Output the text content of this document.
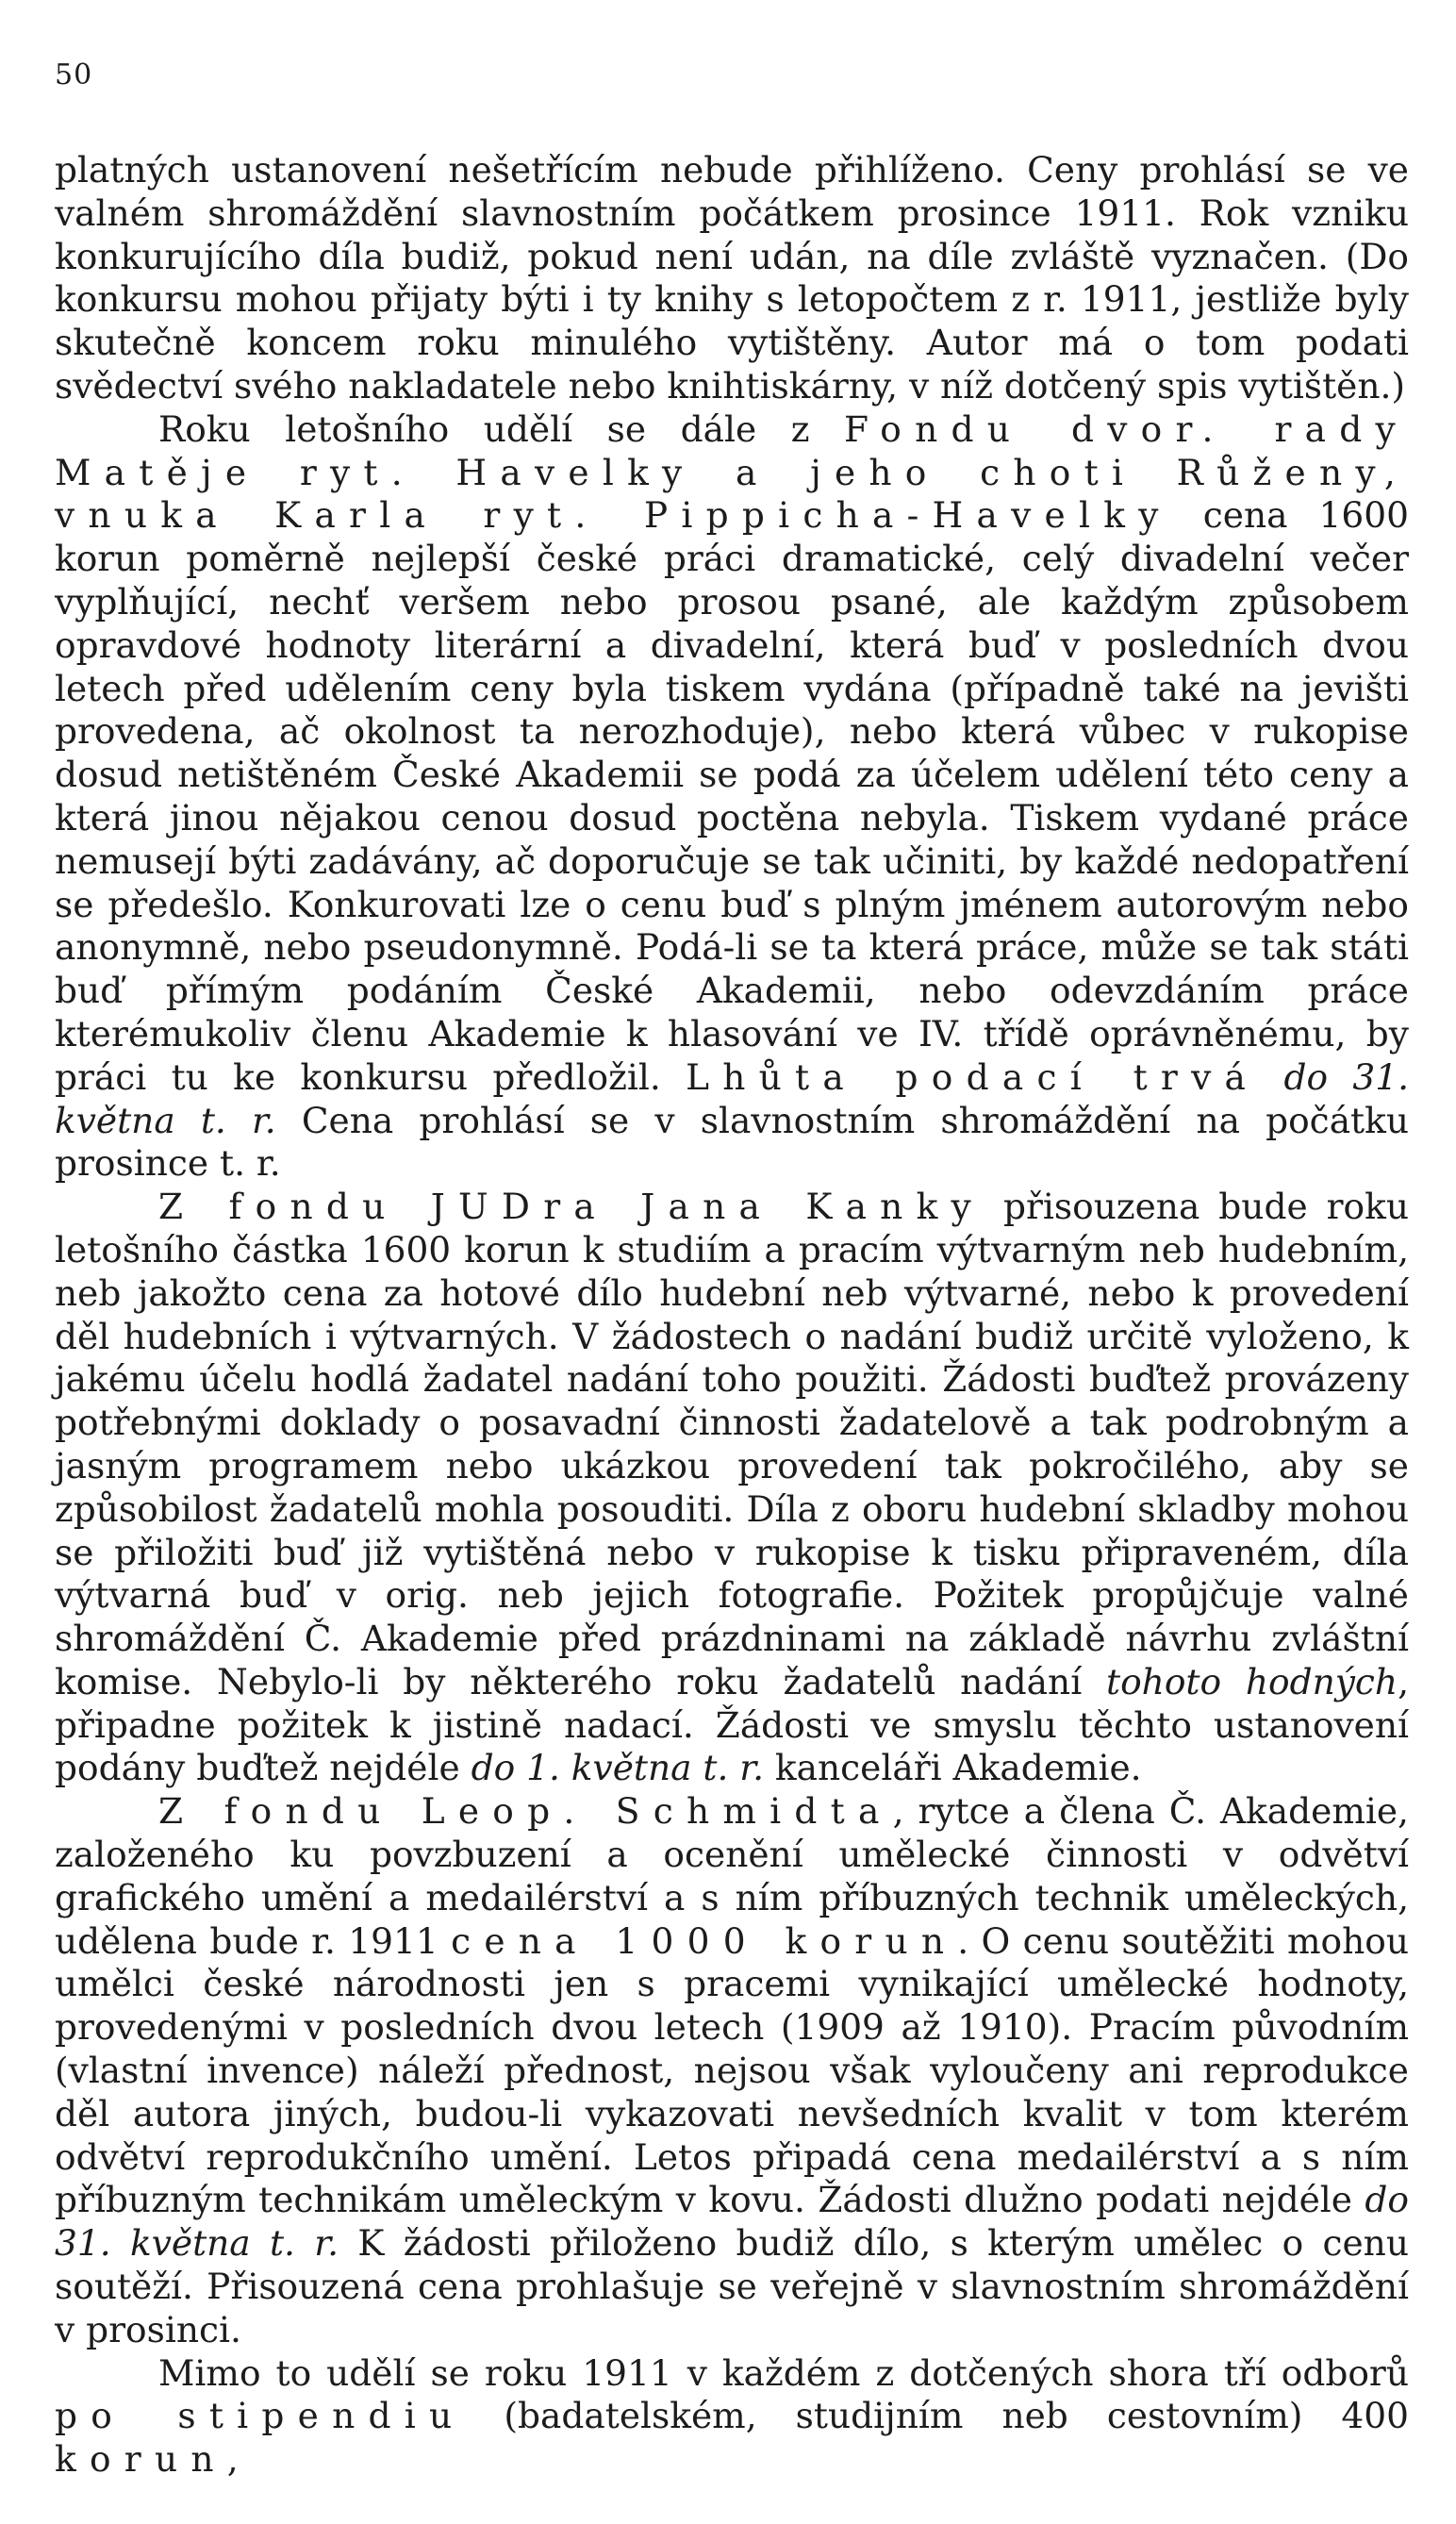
50

platných ustanovení nešetřícím nebude přihlíženo. Ceny prohlásí se ve valném shromáždění slavnostním počátkem prosince 1911. Rok vzniku konkurujícího díla budiž, pokud není udán, na díle zvláště vyznačen. (Do konkursu mohou přijaty býti i ty knihy s letopočtem z r. 1911, jestliže byly skutečně koncem roku minulého vytištěny. Autor má o tom podati svědectví svého nakladatele nebo knihtiskárny, v níž dotčený spis vytištěn.)

Roku letošního udělí se dále z Fondu dvor. rady Matěje ryt. Havelky a jeho choti Růženy, vnuka Karla ryt. Pippicha-Havelky cena 1600 korun poměrně nejlepší české práci dramatické, celý divadelní večer vyplňující, nechť veršem nebo prosou psané, ale každým způsobem opravdové hodnoty literární a divadelní, která buď v posledních dvou letech před udělením ceny byla tiskem vydána (případně také na jevišti provedena, ač okolnost ta nerozhoduje), nebo která vůbec v rukopise dosud netištěném České Akademii se podá za účelem udělení této ceny a která jinou nějakou cenou dosud poctěna nebyla. Tiskem vydané práce nemusejí býti zadávány, ač doporučuje se tak učiniti, by každé nedopatření se předešlo. Konkurovati lze o cenu buď s plným jménem autorovým nebo anonymně, nebo pseudonymně. Podá-li se ta která práce, může se tak státi buď přímým podáním České Akademii, nebo odevzdáním práce kterémukoliv členu Akademie k hlasování ve IV. třídě oprávněnému, by práci tu ke konkursu předložil. Lhůta podací trvá do 31. května t. r. Cena prohlásí se v slavnostním shromáždění na počátku prosince t. r.

Z fondu JUDra Jana Kanky přisouzena bude roku letošního částka 1600 korun k studiím a pracím výtvarným neb hudebním, neb jakožto cena za hotové dílo hudební neb výtvarné, nebo k provedení děl hudebních i výtvarných. V žádostech o nadání budiž určitě vyloženo, k jakému účelu hodlá žadatel nadání toho použiti. Žádosti buďtež provázeny potřebnými doklady o posavadní činnosti žadatelově a tak podrobným a jasným programem nebo ukázkou provedení tak pokročilého, aby se způsobilost žadatelů mohla posouditi. Díla z oboru hudební skladby mohou se přiložiti buď již vytištěná nebo v rukopise k tisku připraveném, díla výtvarná buď v orig. neb jejich fotografie. Požitek propůjčuje valné shromáždění Č. Akademie před prázdninami na základě návrhu zvláštní komise. Nebylo-li by některého roku žadatelů nadání tohoto hodných, připadne požitek k jistině nadací. Žádosti ve smyslu těchto ustanovení podány buďtež nejdéle do 1. května t. r. kanceláři Akademie.

Z fondu Leop. Schmidta, rytce a člena Č. Akademie, založeného ku povzbuzení a ocenění umělecké činnosti v odvětví grafického umění a medailérství a s ním příbuzných technik uměleckých, udělena bude r. 1911 cena 1000 korun. O cenu soutěžiti mohou umělci české národnosti jen s pracemi vynikající umělecké hodnoty, provedenými v posledních dvou letech (1909 až 1910). Pracím původním (vlastní invence) náleží přednost, nejsou však vyloučeny ani reprodukce děl autora jiných, budou-li vykazovati nevšedních kvalit v tom kterém odvětví reprodukčního umění. Letos připadá cena medailérství a s ním příbuzným technikám uměleckým v kovu. Žádosti dlužno podati nejdéle do 31. května t. r. K žádosti přiloženo budiž dílo, s kterým umělec o cenu soutěží. Přisouzená cena prohlašuje se veřejně v slavnostním shromáždění v prosinci.

Mimo to udělí se roku 1911 v každém z dotčených shora tří odborů po stipendiu (badatelském, studijním neb cestovním) 400 korun,
